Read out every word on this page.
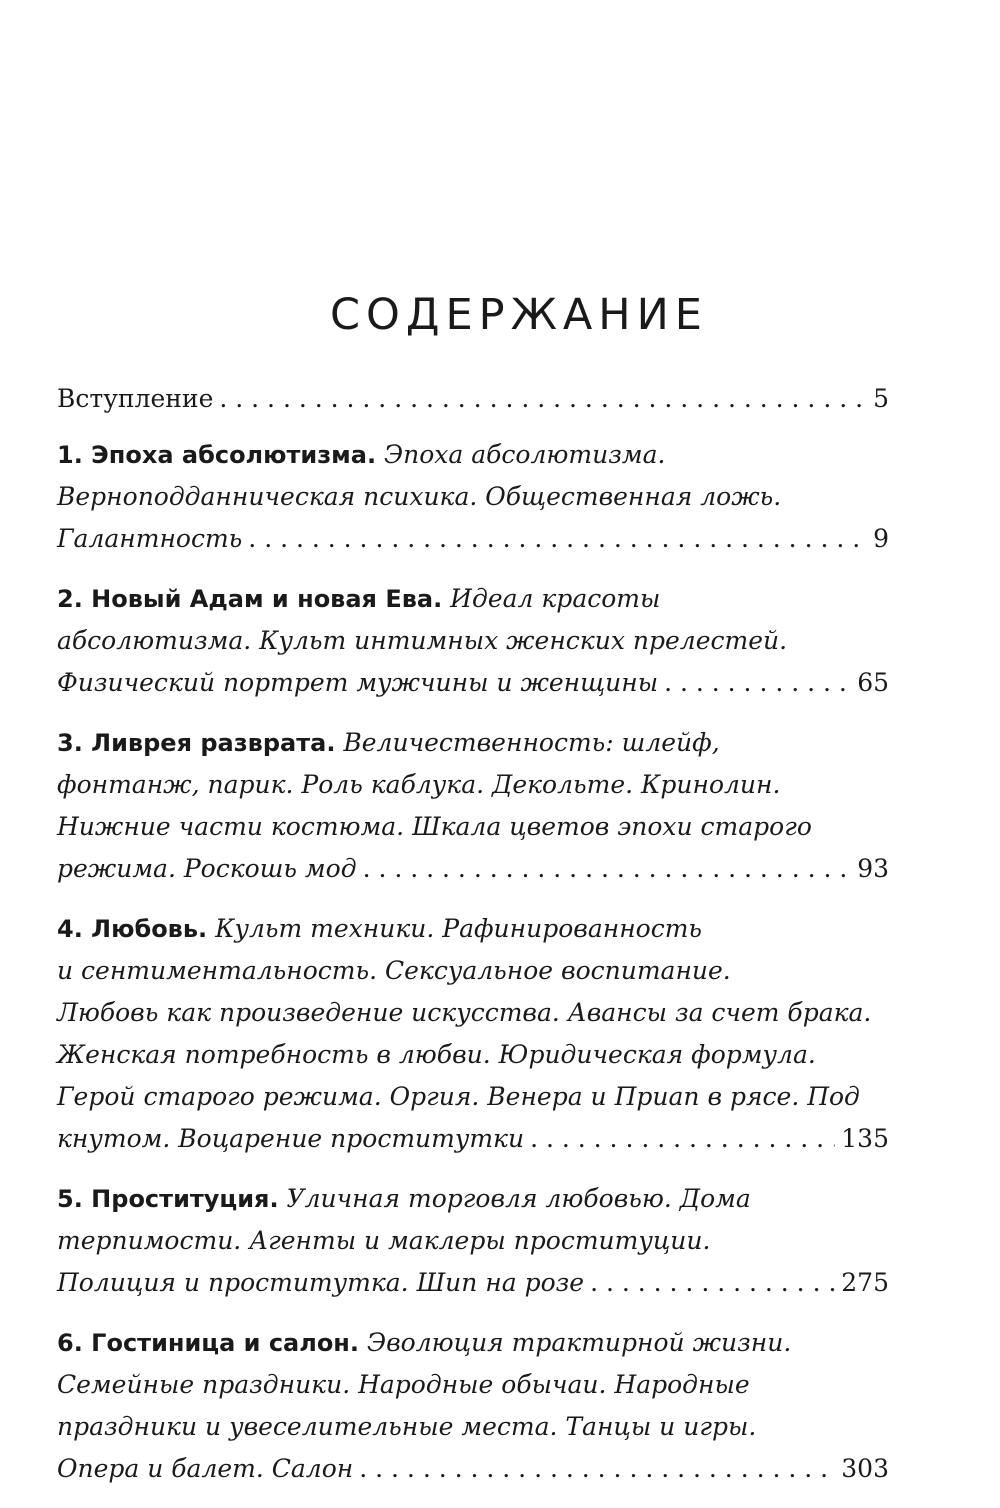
СОДЕРЖАНИЕ
Вступление . . .	5
1. Эпоха абсолютизма. Эпоха абсолютизма.
Верноподданническая психика. Общественная ложь.
Галантность . . .	9
2. Новый Адам и новая Ева. Идеал красоты
абсолютизма. Культ интимных женских прелестей.
Физический портрет мужчины и женщины . . .	65
3. Ливрея разврата. Величественность: шлейф,
фонтанж, парик. Роль каблука. Декольте. Кринолин.
Нижние части костюма. Шкала цветов эпохи старого
режима. Роскошь мод . . .	93
4. Любовь. Культ техники. Рафинированность
и сентиментальность. Сексуальное воспитание.
Любовь как произведение искусства. Авансы за счет брака.
Женская потребность в любви. Юридическая формула.
Герой старого режима. Оргия. Венера и Приап в рясе. Под
кнутом. Воцарение проститутки . . .	135
5. Проституция. Уличная торговля любовью. Дома
терпимости. Агенты и маклеры проституции.
Полиция и проститутка. Шип на розе . . .	275
6. Гостиница и салон. Эволюция трактирной жизни.
Семейные праздники. Народные обычаи. Народные
праздники и увеселительные места. Танцы и игры.
Опера и балет. Салон . . .	303
